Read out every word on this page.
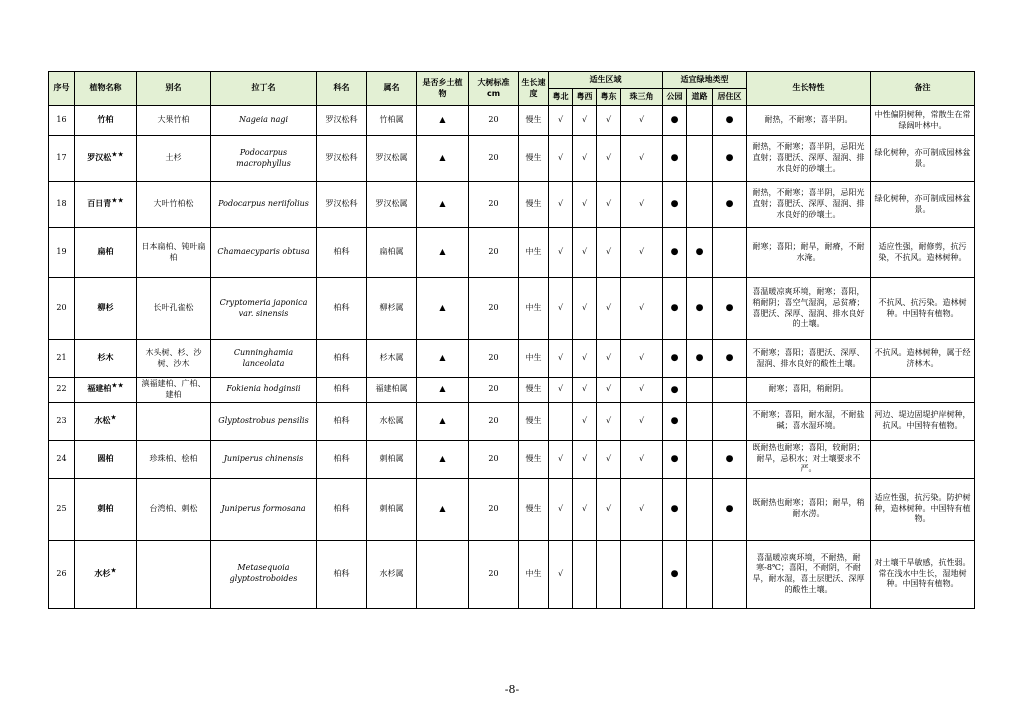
序号	植物名称	别名	拉丁名	科名	属名	是否乡土植物	大树标准cm	生长速度	适生区域				适宜绿地类型			生长特性	备注
									粤北	粤西	粤东	珠三角	公园	道路	居住区		
16	竹柏	大果竹柏	Nageia nagi	罗汉松科	竹柏属	▲	20	慢生	√	√	√	√	●		●	耐热，不耐寒；喜半阴。	中性偏阴树种，常散生在常绿阔叶林中。
17	罗汉松★★	土杉	Podocarpus macrophyllus	罗汉松科	罗汉松属	▲	20	慢生	√	√	√	√	●		●	耐热，不耐寒；喜半阴，忌阳光直射；喜肥沃、深厚、湿润、排水良好的砂壤土。	绿化树种，亦可制成园林盆景。
18	百日青★★	大叶竹柏松	Podocarpus neriifolius	罗汉松科	罗汉松属	▲	20	慢生	√	√	√	√	●		●	耐热，不耐寒；喜半阴，忌阳光直射；喜肥沃、深厚、湿润、排水良好的砂壤土。	绿化树种，亦可制成园林盆景。
19	扁柏	日本扁柏、钝叶扁柏	Chamaecyparis obtusa	柏科	扁柏属	▲	20	中生	√	√	√	√	●	●		耐寒；喜阳；耐旱，耐瘠，不耐水淹。	适应性强，耐修剪，抗污染，不抗风。造林树种。
20	柳杉	长叶孔雀松	Cryptomeria japonica var. sinensis	柏科	柳杉属	▲	20	中生	√	√	√	√	●	●	●	喜温暖凉爽环境，耐寒；喜阳，稍耐阴；喜空气湿润，忌贫瘠；喜肥沃、深厚、湿润、排水良好的土壤。	不抗风、抗污染。造林树种。中国特有植物。
21	杉木	木头树、杉、沙树、沙木	Cunninghamia lanceolata	柏科	杉木属	▲	20	中生	√	√	√	√	●	●	●	不耐寒；喜阳；喜肥沃、深厚、湿润、排水良好的酸性土壤。	不抗风。造林树种，属于经济林木。
22	福建柏★★	滇福建柏、广柏、建柏	Fokienia hodginsii	柏科	福建柏属	▲	20	慢生	√	√	√	√	●			耐寒；喜阳，稍耐阴。	
23	水松★		Glyptostrobus pensilis	柏科	水松属	▲	20	慢生		√	√	√	●			不耐寒；喜阳，耐水湿，不耐盐碱；喜水湿环境。	河边、堤边固堤护岸树种，抗风。中国特有植物。
24	圆柏	珍珠柏、桧柏	Juniperus chinensis	柏科	刺柏属	▲	20	慢生	√	√	√	√	●		●	既耐热也耐寒；喜阳，较耐阴；耐旱，忌积水；对土壤要求不严。	
25	刺柏	台湾柏、刺松	Juniperus formosana	柏科	刺柏属	▲	20	慢生	√	√	√	√	●		●	既耐热也耐寒；喜阳；耐旱，稍耐水涝。	适应性强，抗污染。防护树种，造林树种。中国特有植物。
26	水杉★		Metasequoia glyptostroboides	柏科	水杉属		20	中生	√				●			喜温暖凉爽环境，不耐热，耐寒-8℃；喜阳，不耐阴，不耐旱，耐水湿，喜土层肥沃、深厚的酸性土壤。	对土壤干旱敏感，抗性弱。常在浅水中生长，湿地树种。中国特有植物。
-8-
